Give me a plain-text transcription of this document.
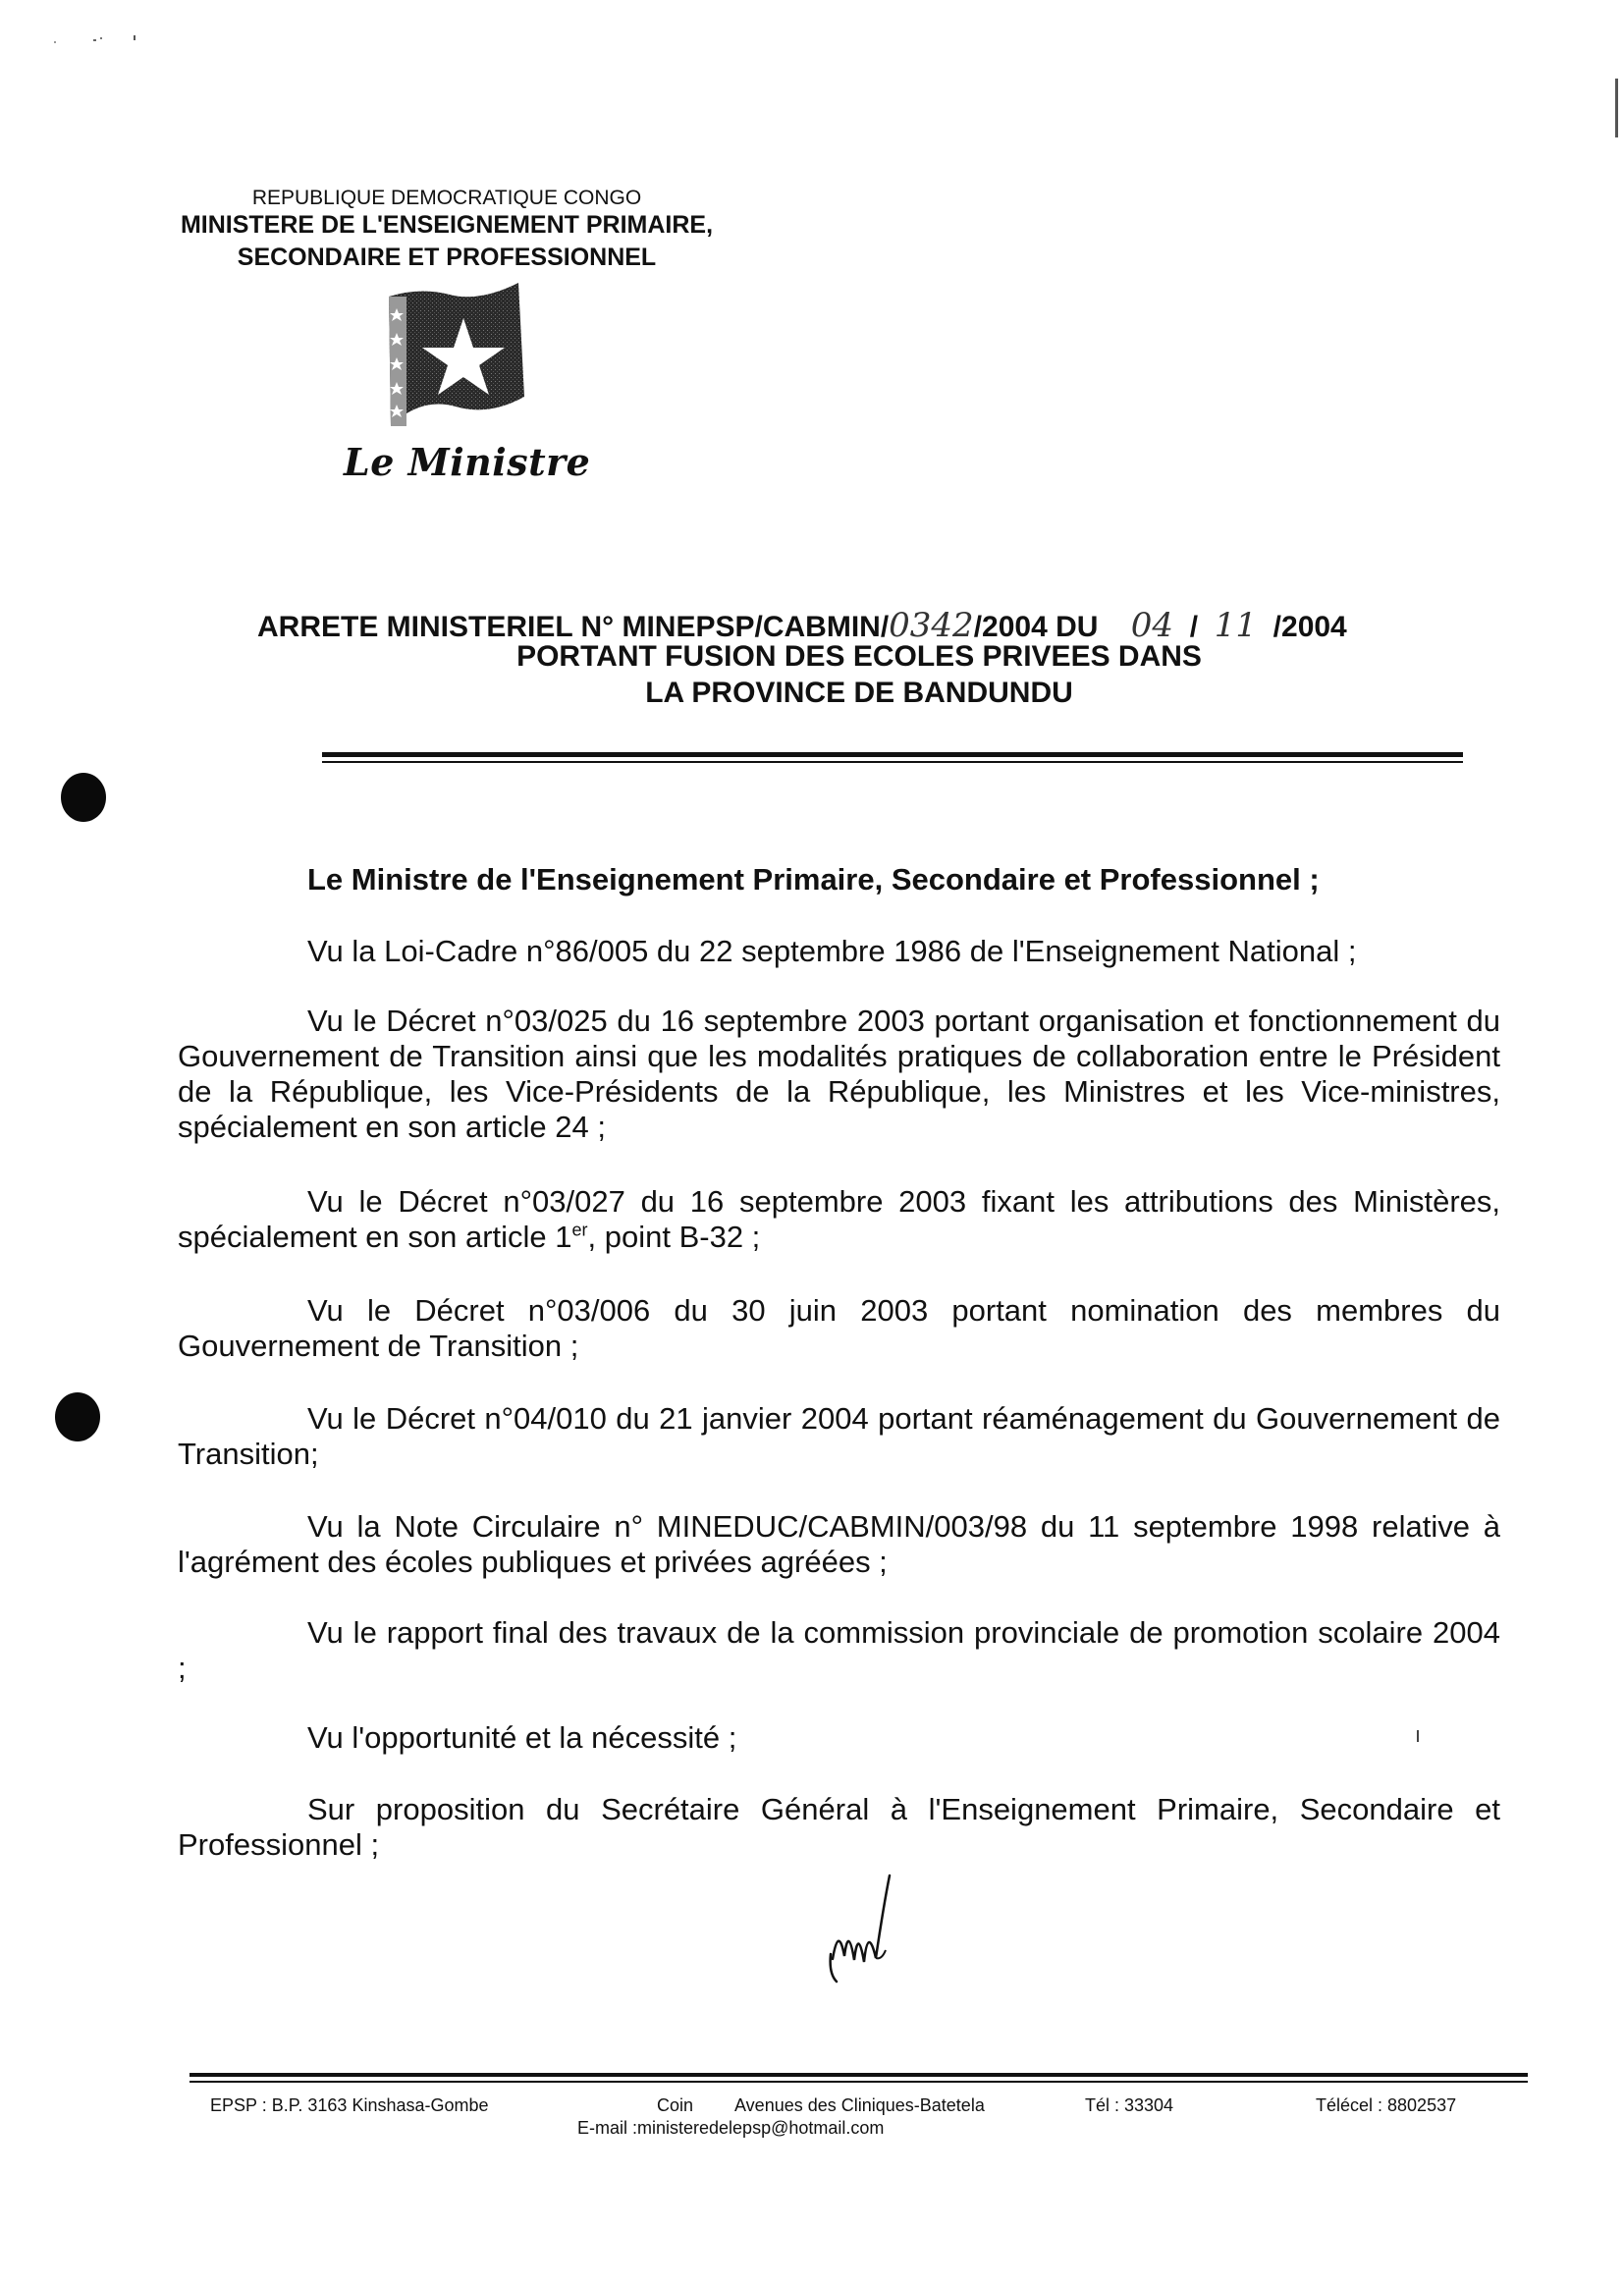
REPUBLIQUE DEMOCRATIQUE CONGO
MINISTERE DE L'ENSEIGNEMENT PRIMAIRE,
SECONDAIRE ET PROFESSIONNEL
Le Ministre
ARRETE MINISTERIEL N° MINEPSP/CABMIN/0342/2004 DU 04 / 11 /2004
PORTANT FUSION DES ECOLES PRIVEES DANS
LA PROVINCE DE BANDUNDU
Le Ministre de l'Enseignement Primaire, Secondaire et Professionnel ;
Vu la Loi-Cadre n°86/005 du 22 septembre 1986 de l'Enseignement National ;
Vu le Décret n°03/025 du 16 septembre 2003 portant organisation et fonctionnement du Gouvernement de Transition ainsi que les modalités pratiques de collaboration entre le Président de la République, les Vice-Présidents de la République, les Ministres et les Vice-ministres, spécialement en son article 24 ;
Vu le Décret n°03/027 du 16 septembre 2003 fixant les attributions des Ministères, spécialement en son article 1er, point B-32 ;
Vu le Décret n°03/006 du 30 juin 2003 portant nomination des membres du Gouvernement de Transition ;
Vu le Décret n°04/010 du 21 janvier 2004 portant réaménagement du Gouvernement de Transition;
Vu la Note Circulaire n° MINEDUC/CABMIN/003/98 du 11 septembre 1998 relative à l'agrément des écoles publiques et privées agréées ;
Vu le rapport final des travaux de la commission provinciale de promotion scolaire 2004 ;
Vu l'opportunité et la nécessité ;
Sur proposition du Secrétaire Général à l'Enseignement Primaire, Secondaire et Professionnel ;
EPSP : B.P. 3163 Kinshasa-Gombe	Coin Avenues des Cliniques-Batetela	Tél : 33304	Télécel : 8802537
E-mail :ministeredelepsp@hotmail.com
